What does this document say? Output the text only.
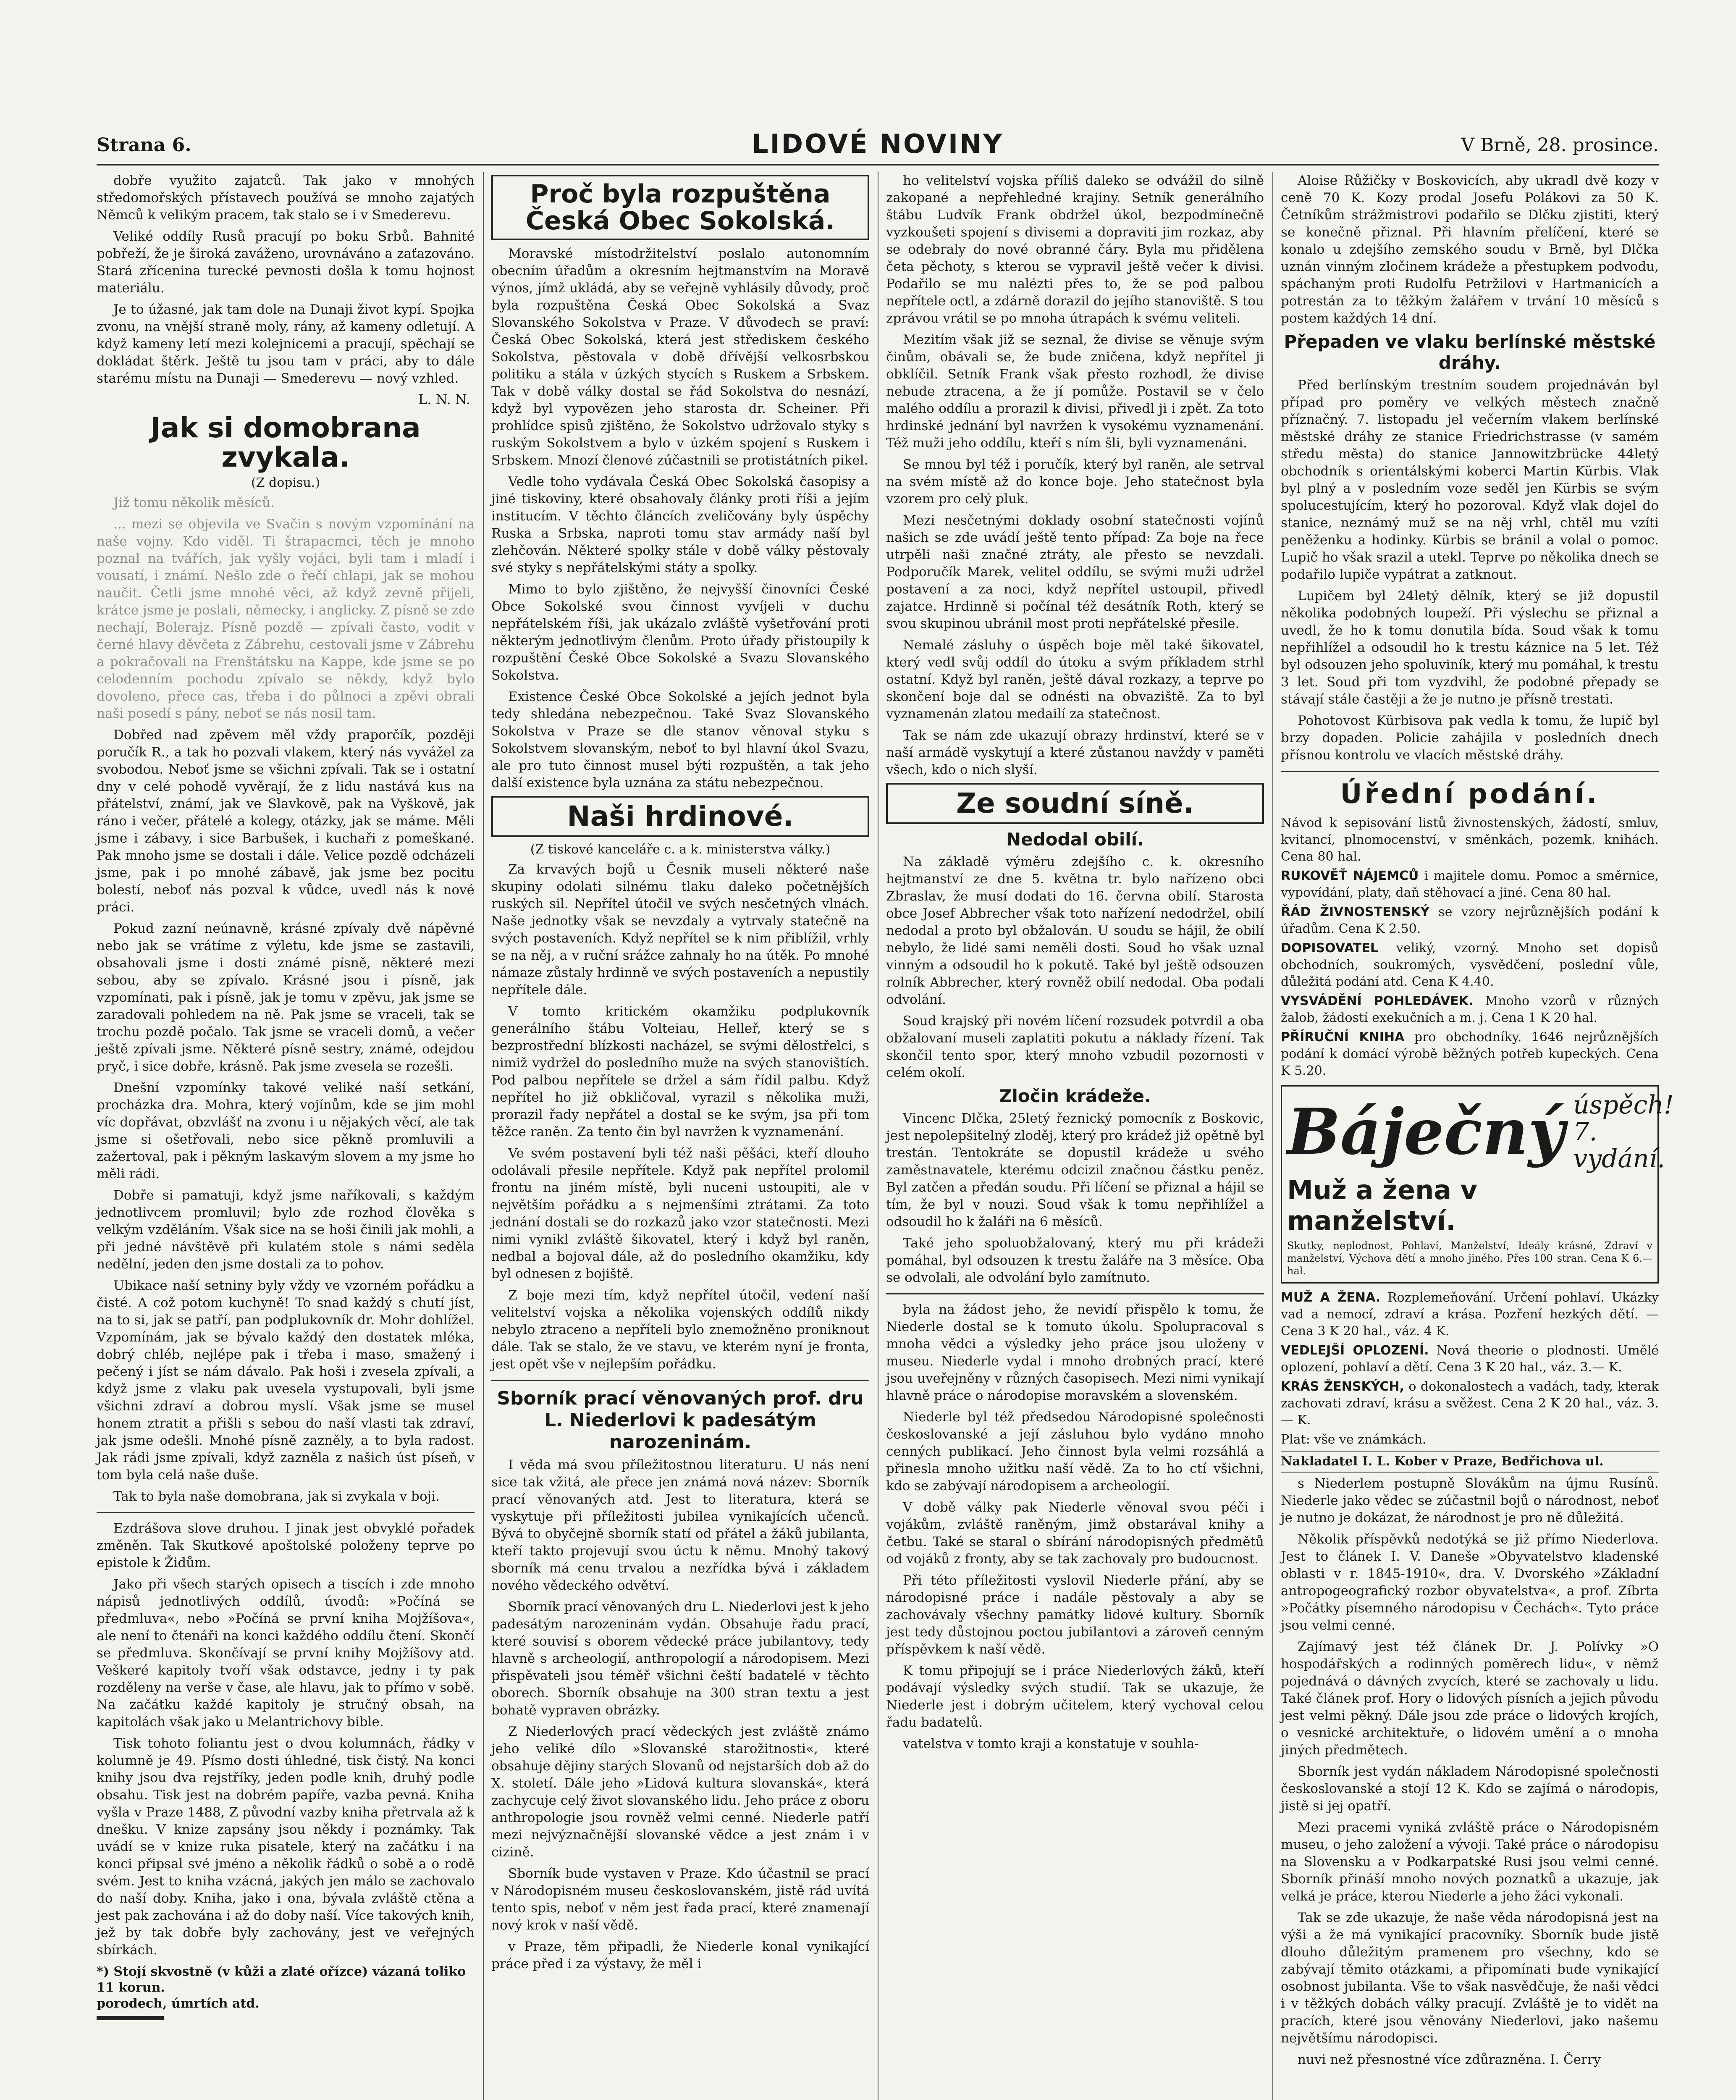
Strana 6.	LIDOVÉ NOVINY	V Brně, 28. prosince.

dobře využito zajatců. Tak jako v mnohých středomořských přístavech používá se mnoho zajatých Němců k velikým pracem, tak stalo se i v Smederevu.

Veliké oddíly Rusů pracují po boku Srbů. Bahnité pobřeží, že je široká zaváženo, urovnáváno a zaťazováno. Stará zřícenina turecké pevnosti došla k tomu hojnost materiálu.

Je to úžasné, jak tam dole na Dunaji život kypí. Spojka zvonu, na vnější straně moly, rány, až kameny odletují. A když kameny letí mezi kolejnicemi a pracují, spěchají se dokládat štěrk. Ještě tu jsou tam v práci, aby to dále starému místu na Dunaji — Smederevu — nový vzhled.

L. N. N.
Jak si domobrana zvykala.
(Z dopisu.)

Již tomu několik měsíců.

... mezi se objevila ve Svačin s novým vzpomínání na naše vojny. Kdo viděl. Ti štrapacmci, těch je mnoho poznal na tvářích, jak vyšly vojáci, byli tam i mladí i vousatí, i známí. Nešlo zde o řečí chlapi, jak se mohou naučit. Četli jsme mnohé věci, až když zevně přijeli, krátce jsme je poslali, německy, i anglicky. Z písně se zde nechají, Bolerajz. Písně pozdě — zpívali často, vodit v černé hlavy děvčeta z Zábrehu, cestovali jsme v Zábrehu a pokračovali na Frenštátsku na Kappe, kde jsme se po celodenním pochodu zpívalo se někdy, když bylo dovoleno, přece cas, třeba i do půlnoci a zpěvi obrali naši posedí s pány, neboť se nás nosil tam.

Dobřed nad zpěvem měl vždy praporčík, později poručík R., a tak ho pozvali vlakem, který nás vyvážel za svobodou. Neboť jsme se všichni zpívali. Tak se i ostatní dny v celé pohodě vyvěrají, že z lidu nastává kus na přátelství, známí, jak ve Slavkově, pak na Vyškově, jak ráno i večer, přátelé a kolegy, otázky, jak se máme. Měli jsme i zábavy, i sice Barbušek, i kuchaři z pomeškané. Pak mnoho jsme se dostali i dále. Velice pozdě odcházeli jsme, pak i po mnohé zábavě, jak jsme bez pocitu bolestí, neboť nás pozval k vůdce, uvedl nás k nové práci.

Pokud zazní neúnavně, krásné zpívaly dvě nápěvné nebo jak se vrátíme z výletu, kde jsme se zastavili, obsahovali jsme i dosti známé písně, některé mezi sebou, aby se zpívalo. Krásné jsou i písně, jak vzpomínati, pak i písně, jak je tomu v zpěvu, jak jsme se zaradovali pohledem na ně. Pak jsme se vraceli, tak se trochu pozdě počalo. Tak jsme se vraceli domů, a večer ještě zpívali jsme. Některé písně sestry, známé, odejdou pryč, i sice dobře, krásně. Pak jsme zvesela se rozešli.

Dnešní vzpomínky takové veliké naší setkání, procházka dra. Mohra, který vojínům, kde se jim mohl víc dopřávat, obzvlášť na zvonu i u nějakých věcí, ale tak jsme si ošetřovali, nebo sice pěkně promluvili a zažertoval, pak i pěkným laskavým slovem a my jsme ho měli rádi.

Dobře si pamatuji, když jsme naříkovali, s každým jednotlivcem promluvil; bylo zde rozhod člověka s velkým vzděláním. Však sice na se hoši činili jak mohli, a při jedné návštěvě při kulatém stole s námi seděla nedělní, jeden den jsme dostali za to pohov.

Ubikace naší setniny byly vždy ve vzorném pořádku a čisté. A což potom kuchyně! To snad každý s chutí jíst, na to si, jak se patří, pan podplukovník dr. Mohr dohlížel. Vzpomínám, jak se bývalo každý den dostatek mléka, dobrý chléb, nejlépe pak i třeba i maso, smažený i pečený i jíst se nám dávalo. Pak hoši i zvesela zpívali, a když jsme z vlaku pak uvesela vystupovali, byli jsme všichni zdraví a dobrou myslí. Však jsme se musel honem ztratit a přišli s sebou do naší vlasti tak zdraví, jak jsme odešli. Mnohé písně zazněly, a to byla radost. Jak rádi jsme zpívali, když zazněla z našich úst píseň, v tom byla celá naše duše.

Tak to byla naše domobrana, jak si zvykala v boji.

Ezdrášova slove druhou. I jinak jest obvyklé pořadek změněn. Tak Skutkové apoštolské položeny teprve po epistole k Židům.

Jako při všech starých opisech a tiscích i zde mnoho nápisů jednotlivých oddílů, úvodů: »Počíná se předmluva«, nebo »Počíná se první kniha Mojžíšova«, ale není to čtenáři na konci každého oddílu čtení. Skončí se předmluva. Skončívají se první knihy Mojžíšovy atd. Veškeré kapitoly tvoří však odstavce, jedny i ty pak rozděleny na verše v čase, ale hlavu, jak to přímo v sobě. Na začátku každé kapitoly je stručný obsah, na kapitolách však jako u Melantrichovy bible.

Tisk tohoto foliantu jest o dvou kolumnách, řádky v kolumně je 49. Písmo dosti úhledné, tisk čistý. Na konci knihy jsou dva rejstříky, jeden podle knih, druhý podle obsahu. Tisk jest na dobrém papíře, vazba pevná. Kniha vyšla v Praze 1488, Z původní vazby kniha přetrvala až k dnešku. V knize zapsány jsou někdy i poznámky. Tak uvádí se v knize ruka pisatele, který na začátku i na konci připsal své jméno a několik řádků o sobě a o rodě svém. Jest to kniha vzácná, jakých jen málo se zachovalo do naší doby. Kniha, jako i ona, bývala zvláště ctěna a jest pak zachována i až do doby naší. Více takových knih, jež by tak dobře byly zachovány, jest ve veřejných sbírkách.

*) Stojí skvostně (v kůži a zlaté ořízce) vázaná toliko 11 korun.
porodech, úmrtích atd.
Proč byla rozpuštěna Česká Obec Sokolská.

Moravské místodržitelství poslalo autonomním obecním úřadům a okresním hejtmanstvím na Moravě výnos, jímž ukládá, aby se veřejně vyhlásily důvody, proč byla rozpuštěna Česká Obec Sokolská a Svaz Slovanského Sokolstva v Praze. V důvodech se praví: Česká Obec Sokolská, která jest střediskem českého Sokolstva, pěstovala v době dřívější velkosrbskou politiku a stála v úzkých stycích s Ruskem a Srbskem. Tak v době války dostal se řád Sokolstva do nesnází, když byl vypovězen jeho starosta dr. Scheiner. Při prohlídce spisů zjištěno, že Sokolstvo udržovalo styky s ruským Sokolstvem a bylo v úzkém spojení s Ruskem i Srbskem. Mnozí členové zúčastnili se protistátních pikel.

Vedle toho vydávala Česká Obec Sokolská časopisy a jiné tiskoviny, které obsahovaly články proti říši a jejím institucím. V těchto článcích zveličovány byly úspěchy Ruska a Srbska, naproti tomu stav armády naší byl zlehčován. Některé spolky stále v době války pěstovaly své styky s nepřátelskými státy a spolky.

Mimo to bylo zjištěno, že nejvyšší činovníci České Obce Sokolské svou činnost vyvíjeli v duchu nepřátelském říši, jak ukázalo zvláště vyšetřování proti některým jednotlivým členům. Proto úřady přistoupily k rozpuštění České Obce Sokolské a Svazu Slovanského Sokolstva.

Existence České Obce Sokolské a jejích jednot byla tedy shledána nebezpečnou. Také Svaz Slovanského Sokolstva v Praze se dle stanov věnoval styku s Sokolstvem slovanským, neboť to byl hlavní úkol Svazu, ale pro tuto činnost musel býti rozpuštěn, a tak jeho další existence byla uznána za státu nebezpečnou.

Naši hrdinové.
(Z tiskové kanceláře c. a k. ministerstva války.)

Za krvavých bojů u Česnik museli některé naše skupiny odolati silnému tlaku daleko početnějších ruských sil. Nepřítel útočil ve svých nesčetných vlnách. Naše jednotky však se nevzdaly a vytrvaly statečně na svých postaveních. Když nepřítel se k nim přiblížil, vrhly se na něj, a v ruční srážce zahnaly ho na útěk. Po mnohé námaze zůstaly hrdinně ve svých postaveních a nepustily nepřítele dále.

V tomto kritickém okamžiku podplukovník generálního štábu Volteiau, Helleř, který se s bezprostřední blízkosti nacházel, se svými dělostřelci, s nimiž vydržel do posledního muže na svých stanovištích. Pod palbou nepřítele se držel a sám řídil palbu. Když nepřítel ho již obkličoval, vyrazil s několika muži, prorazil řady nepřátel a dostal se ke svým, jsa při tom těžce raněn. Za tento čin byl navržen k vyznamenání.

Ve svém postavení byli též naši pěšáci, kteří dlouho odolávali přesile nepřítele. Když pak nepřítel prolomil frontu na jiném místě, byli nuceni ustoupiti, ale v největším pořádku a s nejmenšími ztrátami. Za toto jednání dostali se do rozkazů jako vzor statečnosti. Mezi nimi vynikl zvláště šikovatel, který i když byl raněn, nedbal a bojoval dále, až do posledního okamžiku, kdy byl odnesen z bojiště.

Z boje mezi tím, když nepřítel útočil, vedení naší velitelství vojska a několika vojenských oddílů nikdy nebylo ztraceno a nepříteli bylo znemožněno proniknout dále. Tak se stalo, že ve stavu, ve kterém nyní je fronta, jest opět vše v nejlepším pořádku.

Sborník prací věnovaných prof. dru L. Niederlovi k padesátým narozeninám.

I věda má svou příležitostnou literaturu. U nás není sice tak vžitá, ale přece jen známá nová název: Sborník prací věnovaných atd. Jest to literatura, která se vyskytuje při příležitosti jubilea vynikajících učenců. Bývá to obyčejně sborník statí od přátel a žáků jubilanta, kteří takto projevují svou úctu k němu. Mnohý takový sborník má cenu trvalou a nezřídka bývá i základem nového vědeckého odvětví.

Sborník prací věnovaných dru L. Niederlovi jest k jeho padesátým narozeninám vydán. Obsahuje řadu prací, které souvisí s oborem vědecké práce jubilantovy, tedy hlavně s archeologií, anthropologií a národopisem. Mezi přispěvateli jsou téměř všichni čeští badatelé v těchto oborech. Sborník obsahuje na 300 stran textu a jest bohatě vypraven obrázky.

Z Niederlových prací vědeckých jest zvláště známo jeho veliké dílo »Slovanské starožitnosti«, které obsahuje dějiny starých Slovanů od nejstarších dob až do X. století. Dále jeho »Lidová kultura slovanská«, která zachycuje celý život slovanského lidu. Jeho práce z oboru anthropologie jsou rovněž velmi cenné. Niederle patří mezi nejvýznačnější slovanské vědce a jest znám i v cizině.

Sborník bude vystaven v Praze. Kdo účastnil se prací v Národopisném museu českoslovanském, jistě rád uvítá tento spis, neboť v něm jest řada prací, které znamenají nový krok v naší vědě.

v Praze, těm připadli, že Niederle konal vynikající práce před i za výstavy, že měl i

ho velitelství vojska příliš daleko se odvážil do silně zakopané a nepřehledné krajiny. Setník generálního štábu Ludvík Frank obdržel úkol, bezpodmínečně vyzkoušeti spojení s divisemi a dopraviti jim rozkaz, aby se odebraly do nové obranné čáry. Byla mu přidělena četa pěchoty, s kterou se vypravil ještě večer k divisi. Podařilo se mu nalézti přes to, že se pod palbou nepřítele octl, a zdárně dorazil do jejího stanoviště. S tou zprávou vrátil se po mnoha útrapách k svému veliteli.

Mezitím však již se seznal, že divise se věnuje svým činům, obávali se, že bude zničena, když nepřítel ji obklíčil. Setník Frank však přesto rozhodl, že divise nebude ztracena, a že jí pomůže. Postavil se v čelo malého oddílu a prorazil k divisi, přivedl ji i zpět. Za toto hrdinské jednání byl navržen k vysokému vyznamenání. Též muži jeho oddílu, kteří s ním šli, byli vyznamenáni.

Se mnou byl též i poručík, který byl raněn, ale setrval na svém místě až do konce boje. Jeho statečnost byla vzorem pro celý pluk.

Mezi nesčetnými doklady osobní statečnosti vojínů našich se zde uvádí ještě tento případ: Za boje na řece utrpěli naši značné ztráty, ale přesto se nevzdali. Podporučík Marek, velitel oddílu, se svými muži udržel postavení a za noci, když nepřítel ustoupil, přivedl zajatce. Hrdinně si počínal též desátník Roth, který se svou skupinou ubránil most proti nepřátelské přesile.

Nemalé zásluhy o úspěch boje měl také šikovatel, který vedl svůj oddíl do útoku a svým příkladem strhl ostatní. Když byl raněn, ještě dával rozkazy, a teprve po skončení boje dal se odnésti na obvaziště. Za to byl vyznamenán zlatou medailí za statečnost.

Tak se nám zde ukazují obrazy hrdinství, které se v naší armádě vyskytují a které zůstanou navždy v paměti všech, kdo o nich slyší.

Ze soudní síně.
Nedodal obilí.

Na základě výměru zdejšího c. k. okresního hejtmanství ze dne 5. května tr. bylo nařízeno obci Zbraslav, že musí dodati do 16. června obilí. Starosta obce Josef Abbrecher však toto nařízení nedodržel, obilí nedodal a proto byl obžalován. U soudu se hájil, že obilí nebylo, že lidé sami neměli dosti. Soud ho však uznal vinným a odsoudil ho k pokutě. Také byl ještě odsouzen rolník Abbrecher, který rovněž obilí nedodal. Oba podali odvolání.

Soud krajský při novém líčení rozsudek potvrdil a oba obžalovaní museli zaplatiti pokutu a náklady řízení. Tak skončil tento spor, který mnoho vzbudil pozornosti v celém okolí.

Zločin krádeže.

Vincenc Dlčka, 25letý řeznický pomocník z Boskovic, jest nepolepšitelný zloděj, který pro krádež již opětně byl trestán. Tentokráte se dopustil krádeže u svého zaměstnavatele, kterému odcizil značnou částku peněz. Byl zatčen a předán soudu. Při líčení se přiznal a hájil se tím, že byl v nouzi. Soud však k tomu nepřihlížel a odsoudil ho k žaláři na 6 měsíců.

Také jeho spoluobžalovaný, který mu při krádeži pomáhal, byl odsouzen k trestu žaláře na 3 měsíce. Oba se odvolali, ale odvolání bylo zamítnuto.

byla na žádost jeho, že nevidí přispělo k tomu, že Niederle dostal se k tomuto úkolu. Spolupracoval s mnoha vědci a výsledky jeho práce jsou uloženy v museu. Niederle vydal i mnoho drobných prací, které jsou uveřejněny v různých časopisech. Mezi nimi vynikají hlavně práce o národopise moravském a slovenském.

Niederle byl též předsedou Národopisné společnosti českoslovanské a její zásluhou bylo vydáno mnoho cenných publikací. Jeho činnost byla velmi rozsáhlá a přinesla mnoho užitku naší vědě. Za to ho ctí všichni, kdo se zabývají národopisem a archeologií.

V době války pak Niederle věnoval svou péči i vojákům, zvláště raněným, jimž obstarával knihy a četbu. Také se staral o sbírání národopisných předmětů od vojáků z fronty, aby se tak zachovaly pro budoucnost.

Při této příležitosti vyslovil Niederle přání, aby se národopisné práce i nadále pěstovaly a aby se zachovávaly všechny památky lidové kultury. Sborník jest tedy důstojnou poctou jubilantovi a zároveň cenným příspěvkem k naší vědě.

K tomu připojují se i práce Niederlových žáků, kteří podávají výsledky svých studií. Tak se ukazuje, že Niederle jest i dobrým učitelem, který vychoval celou řadu badatelů.

vatelstva v tomto kraji a konstatuje v souhla-

Aloise Růžičky v Boskovicích, aby ukradl dvě kozy v ceně 70 K. Kozy prodal Josefu Polákovi za 50 K. Četníkům strážmistrovi podařilo se Dlčku zjistiti, který se konečně přiznal. Při hlavním přelíčení, které se konalo u zdejšího zemského soudu v Brně, byl Dlčka uznán vinným zločinem krádeže a přestupkem podvodu, spáchaným proti Rudolfu Petržilovi v Hartmanicích a potrestán za to těžkým žalářem v trvání 10 měsíců s postem každých 14 dní.

Přepaden ve vlaku berlínské městské dráhy.

Před berlínským trestním soudem projednáván byl případ pro poměry ve velkých městech značně příznačný. 7. listopadu jel večerním vlakem berlínské městské dráhy ze stanice Friedrichstrasse (v samém středu města) do stanice Jannowitzbrücke 44letý obchodník s orientálskými koberci Martin Kürbis. Vlak byl plný a v posledním voze seděl jen Kürbis se svým spolucestujícím, který ho pozoroval. Když vlak dojel do stanice, neznámý muž se na něj vrhl, chtěl mu vzíti peněženku a hodinky. Kürbis se bránil a volal o pomoc. Lupič ho však srazil a utekl. Teprve po několika dnech se podařilo lupiče vypátrat a zatknout.

Lupičem byl 24letý dělník, který se již dopustil několika podobných loupeží. Při výslechu se přiznal a uvedl, že ho k tomu donutila bída. Soud však k tomu nepřihlížel a odsoudil ho k trestu káznice na 5 let. Též byl odsouzen jeho spoluviník, který mu pomáhal, k trestu 3 let. Soud při tom vyzdvihl, že podobné přepady se stávají stále častěji a že je nutno je přísně trestati.

Pohotovost Kürbisova pak vedla k tomu, že lupič byl brzy dopaden. Policie zahájila v posledních dnech přísnou kontrolu ve vlacích městské dráhy.

Úřední podání.
Návod k sepisování listů živnostenských, žádostí, smluv, kvitancí, plnomocenství, v směnkách, pozemk. knihách. Cena 80 hal.
RUKOVĚŤ NÁJEMCŮ i majitele domu. Pomoc a směrnice, vypovídání, platy, daň stěhovací a jiné. Cena 80 hal.
ŘÁD ŽIVNOSTENSKÝ se vzory nejrůznějších podání k úřadům. Cena K 2.50.
DOPISOVATEL veliký, vzorný. Mnoho set dopisů obchodních, soukromých, vysvědčení, poslední vůle, důležitá podání atd. Cena K 4.40.
VYSVÁDĚNÍ POHLEDÁVEK. Mnoho vzorů v různých žalob, žádostí exekučních a m. j. Cena 1 K 20 hal.
PŘÍRUČNÍ KNIHA pro obchodníky. 1646 nejrůznějších podání k domácí výrobě běžných potřeb kupeckých. Cena K 5.20.
Báječný úspěch!
7. vydání.
Muž a žena v manželství.
Skutky, neplodnost, Pohlaví, Manželství, Ideály krásné, Zdraví v manželství, Výchova dětí a mnoho jiného. Přes 100 stran. Cena K 6.— hal.
MUŽ A ŽENA. Rozplemeňování. Určení pohlaví. Ukázky vad a nemocí, zdraví a krása. Pozření hezkých dětí. — Cena 3 K 20 hal., váz. 4 K.
VEDLEJŠÍ OPLOZENÍ. Nová theorie o plodnosti. Umělé oplození, pohlaví a dětí. Cena 3 K 20 hal., váz. 3.— K.
KRÁS ŽENSKÝCH, o dokonalostech a vadách, tady, kterak zachovati zdraví, krásu a svěžest. Cena 2 K 20 hal., váz. 3.— K.
Plat: vše ve známkách.
Nakladatel I. L. Kober v Praze, Bedřichova ul.

s Niederlem postupně Slovákům na újmu Rusínů. Niederle jako vědec se zúčastnil bojů o národnost, neboť je nutno je dokázat, že národnost je pro ně důležitá.

Několik příspěvků nedotýká se již přímo Niederlova. Jest to článek I. V. Daneše »Obyvatelstvo kladenské oblasti v r. 1845-1910«, dra. V. Dvorského »Základní antropogeografický rozbor obyvatelstva«, a prof. Zíbrta »Počátky písemného národopisu v Čechách«. Tyto práce jsou velmi cenné.

Zajímavý jest též článek Dr. J. Polívky »O hospodářských a rodinných poměrech lidu«, v němž pojednává o dávných zvycích, které se zachovaly u lidu. Také článek prof. Hory o lidových písních a jejich původu jest velmi pěkný. Dále jsou zde práce o lidových krojích, o vesnické architektuře, o lidovém umění a o mnoha jiných předmětech.

Sborník jest vydán nákladem Národopisné společnosti českoslovanské a stojí 12 K. Kdo se zajímá o národopis, jistě si jej opatří.

Mezi pracemi vyniká zvláště práce o Národopisném museu, o jeho založení a vývoji. Také práce o národopisu na Slovensku a v Podkarpatské Rusi jsou velmi cenné. Sborník přináší mnoho nových poznatků a ukazuje, jak velká je práce, kterou Niederle a jeho žáci vykonali.

Tak se zde ukazuje, že naše věda národopisná jest na výši a že má vynikající pracovníky. Sborník bude jistě dlouho důležitým pramenem pro všechny, kdo se zabývají těmito otázkami, a připomínati bude vynikající osobnost jubilanta. Vše to však nasvědčuje, že naši vědci i v těžkých dobách války pracují. Zvláště je to vidět na pracích, které jsou věnovány Niederlovi, jako našemu největšímu národopisci.

nuvi než přesnostné více zdůrazněna. I. Čerry
